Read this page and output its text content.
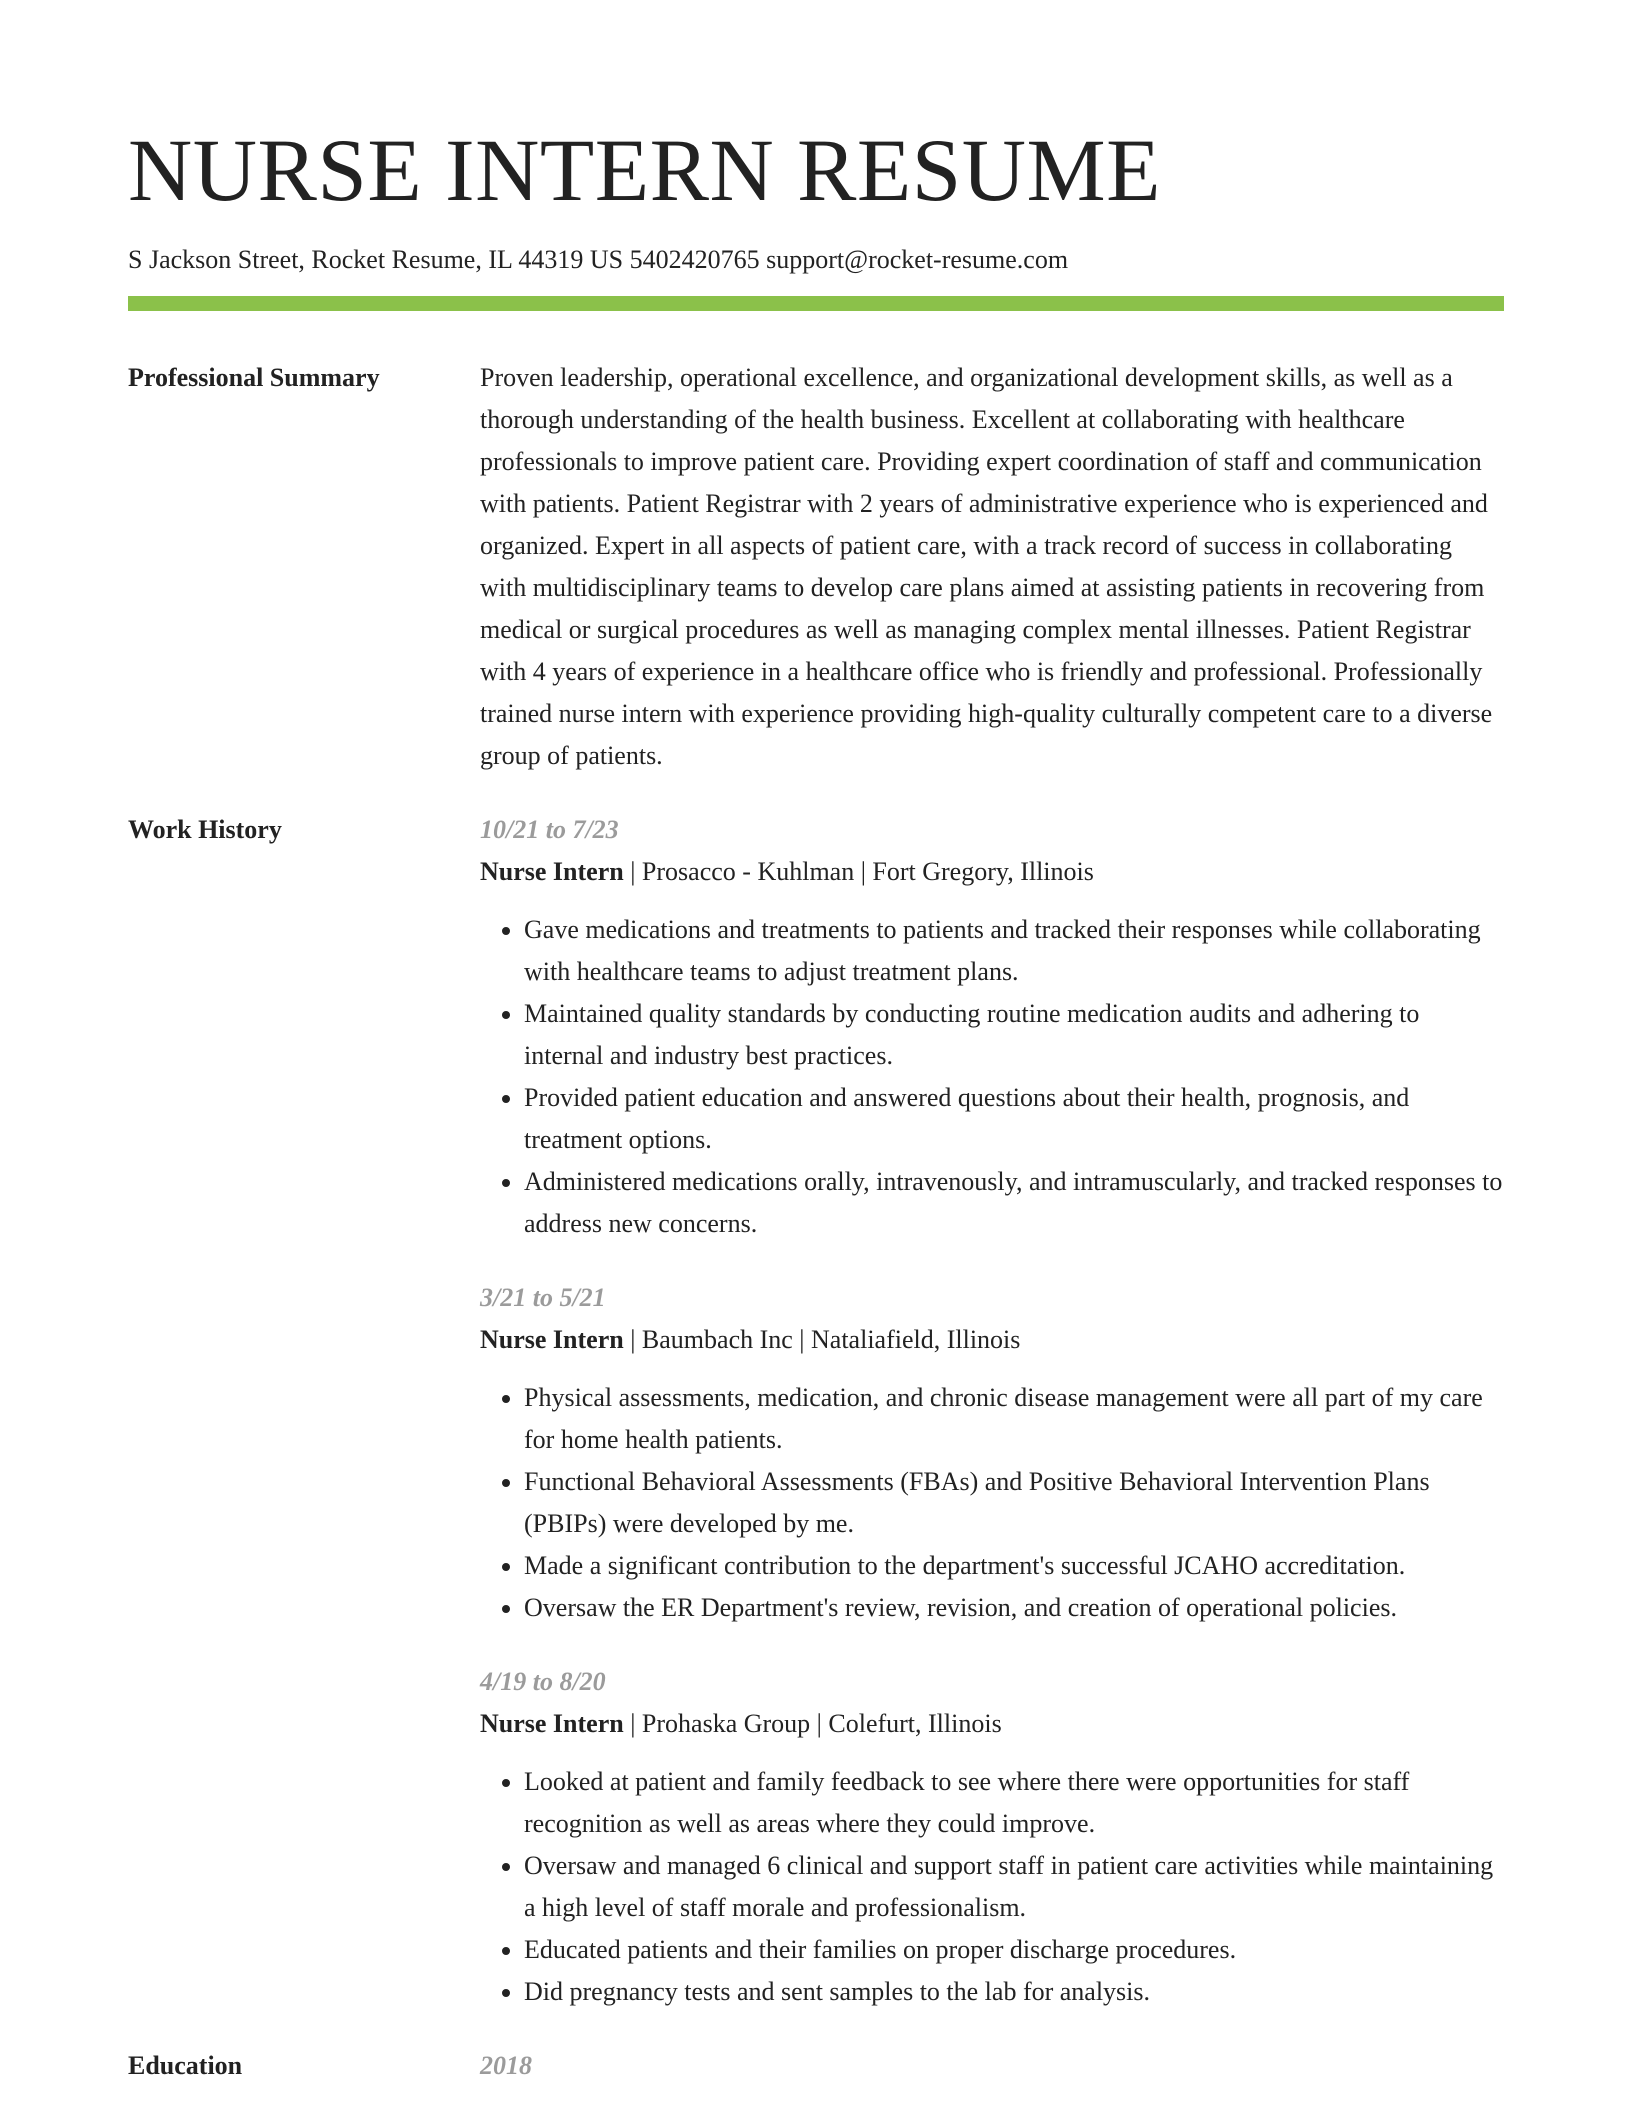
NURSE INTERN RESUME
S Jackson Street, Rocket Resume, IL 44319 US 5402420765 support@rocket-resume.com
Professional Summary	Proven leadership, operational excellence, and organizational development skills, as well as a thorough understanding of the health business. Excellent at collaborating with healthcare professionals to improve patient care. Providing expert coordination of staff and communication with patients. Patient Registrar with 2 years of administrative experience who is experienced and organized. Expert in all aspects of patient care, with a track record of success in collaborating with multidisciplinary teams to develop care plans aimed at assisting patients in recovering from medical or surgical procedures as well as managing complex mental illnesses. Patient Registrar with 4 years of experience in a healthcare office who is friendly and professional. Professionally trained nurse intern with experience providing high-quality culturally competent care to a diverse group of patients.

Work History	10/21 to 7/23
Nurse Intern | Prosacco - Kuhlman | Fort Gregory, Illinois
• Gave medications and treatments to patients and tracked their responses while collaborating with healthcare teams to adjust treatment plans.
• Maintained quality standards by conducting routine medication audits and adhering to internal and industry best practices.
• Provided patient education and answered questions about their health, prognosis, and treatment options.
• Administered medications orally, intravenously, and intramuscularly, and tracked responses to address new concerns.
3/21 to 5/21
Nurse Intern | Baumbach Inc | Nataliafield, Illinois
• Physical assessments, medication, and chronic disease management were all part of my care for home health patients.
• Functional Behavioral Assessments (FBAs) and Positive Behavioral Intervention Plans (PBIPs) were developed by me.
• Made a significant contribution to the department's successful JCAHO accreditation.
• Oversaw the ER Department's review, revision, and creation of operational policies.
4/19 to 8/20
Nurse Intern | Prohaska Group | Colefurt, Illinois
• Looked at patient and family feedback to see where there were opportunities for staff recognition as well as areas where they could improve.
• Oversaw and managed 6 clinical and support staff in patient care activities while maintaining a high level of staff morale and professionalism.
• Educated patients and their families on proper discharge procedures.
• Did pregnancy tests and sent samples to the lab for analysis.
Education	2018
